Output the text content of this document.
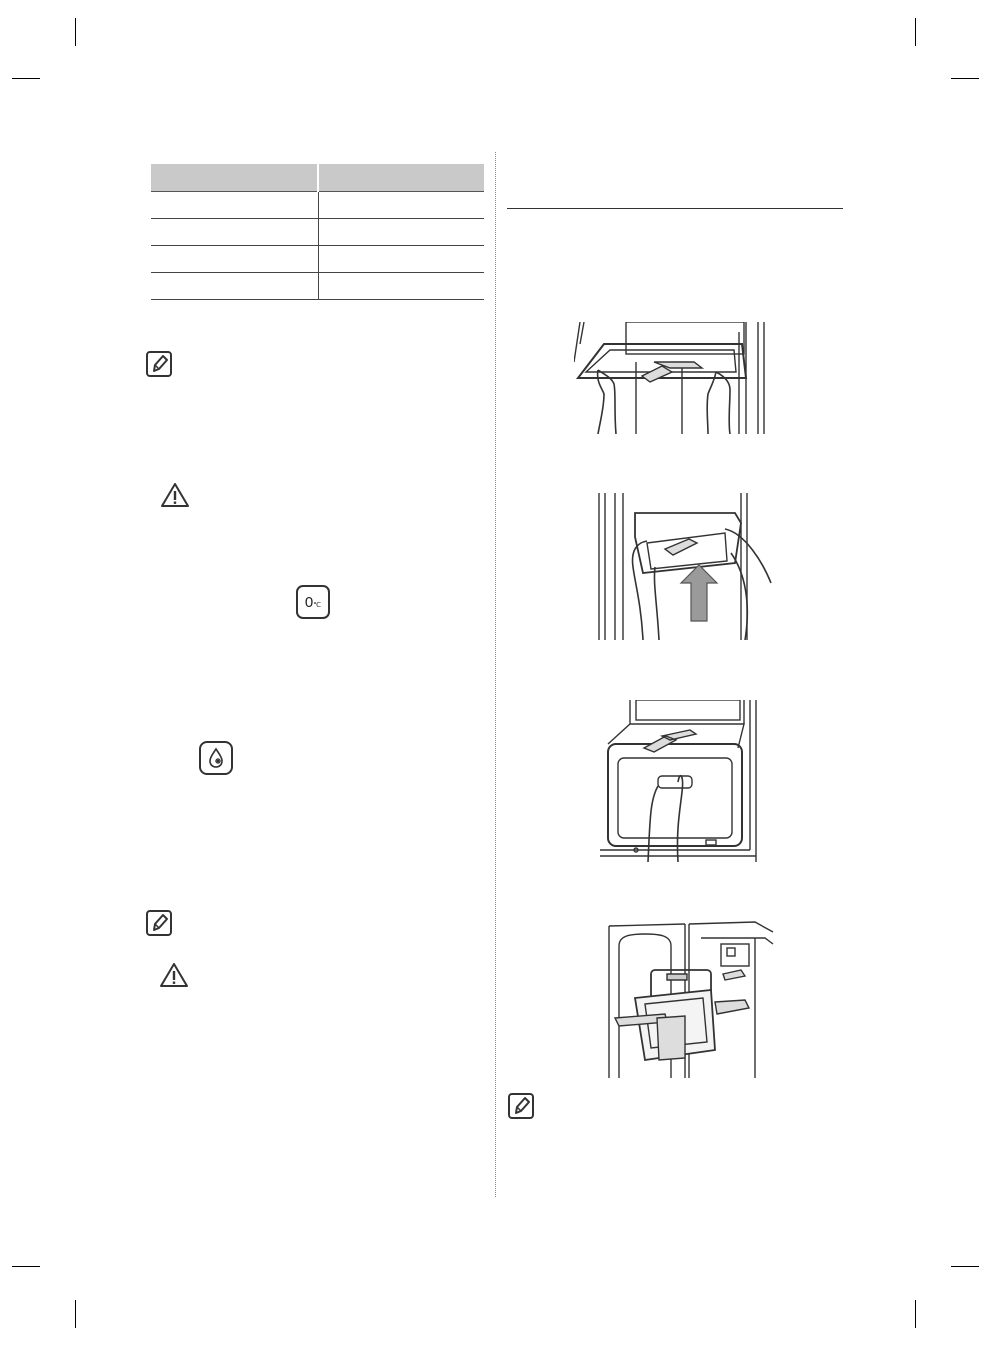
0 ℃
